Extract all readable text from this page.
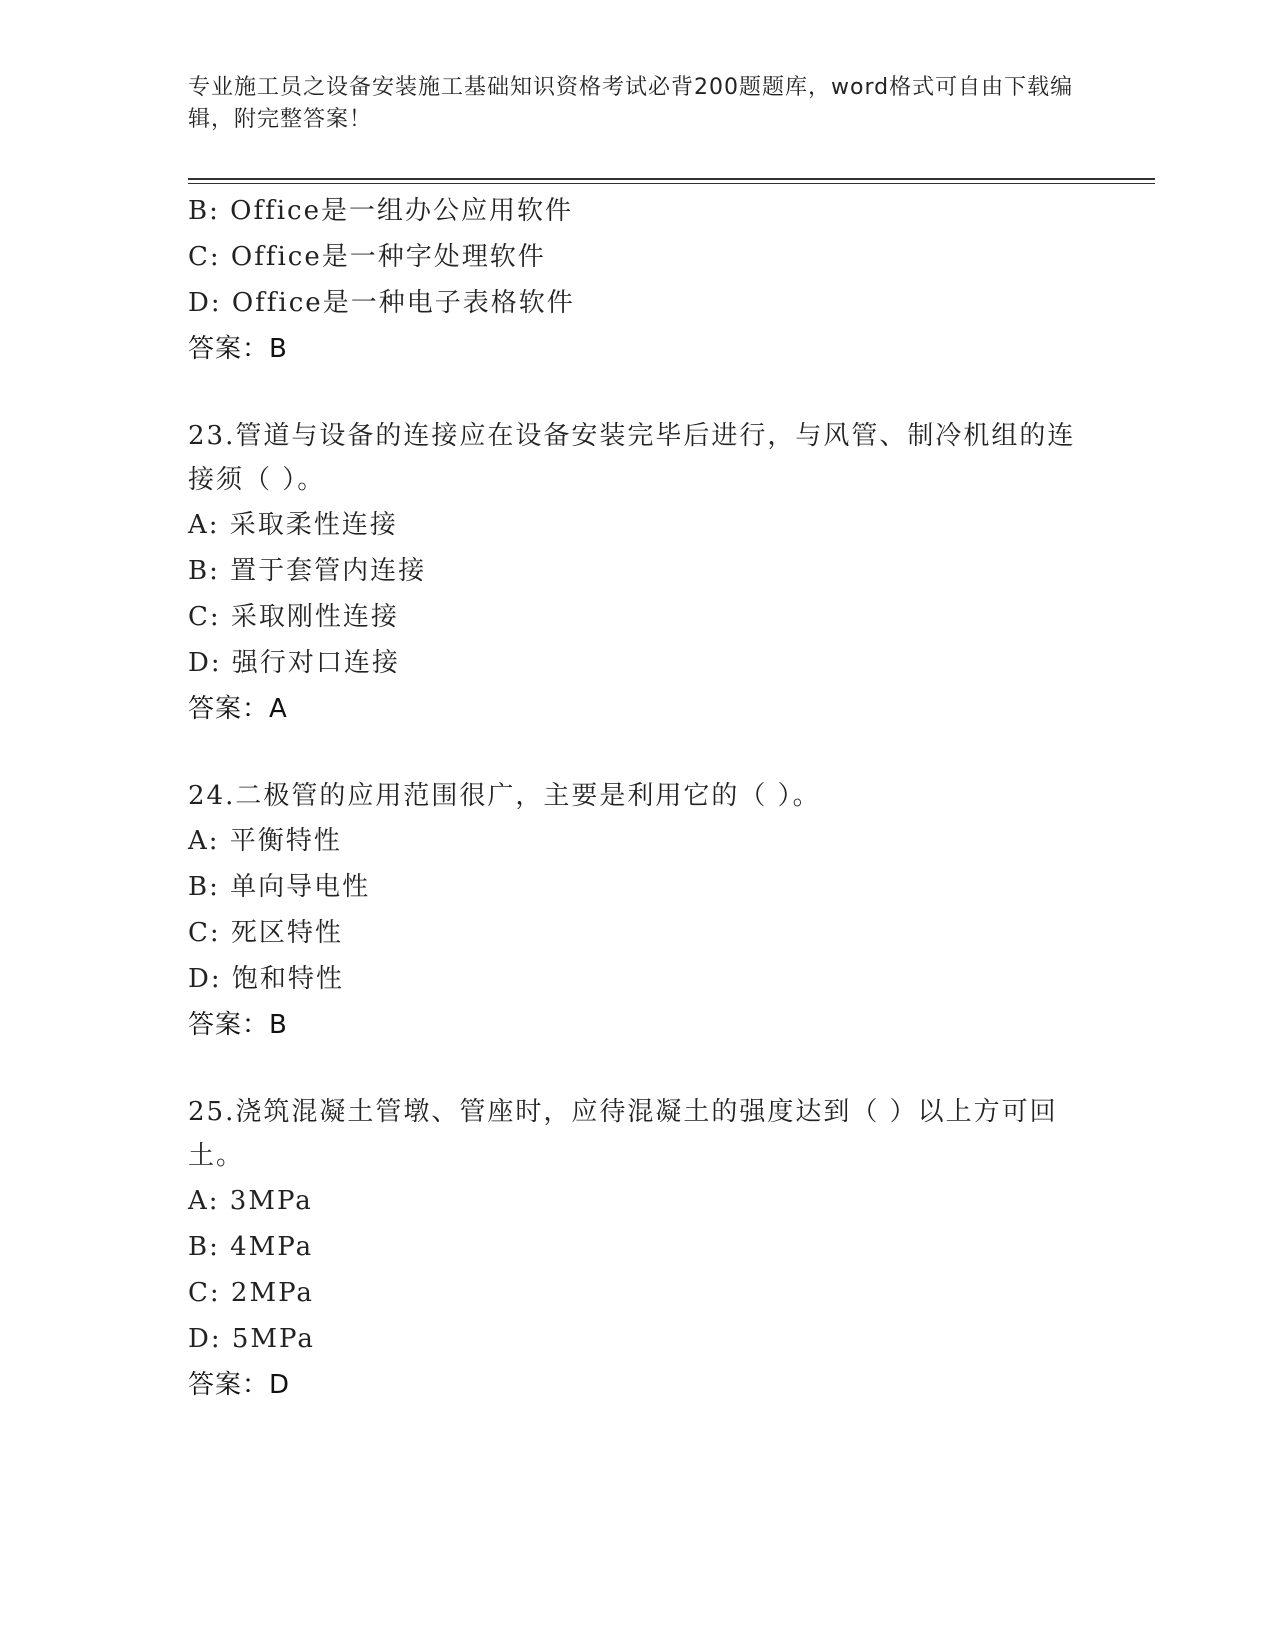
专业施工员之设备安装施工基础知识资格考试必背200题题库，word格式可自由下载编辑，附完整答案！
B: Office是一组办公应用软件
C: Office是一种字处理软件
D: Office是一种电子表格软件
答案：B
23.管道与设备的连接应在设备安装完毕后进行，与风管、制冷机组的连接须（ ）。
A: 采取柔性连接
B: 置于套管内连接
C: 采取刚性连接
D: 强行对口连接
答案：A
24.二极管的应用范围很广，主要是利用它的（ ）。
A: 平衡特性
B: 单向导电性
C: 死区特性
D: 饱和特性
答案：B
25.浇筑混凝土管墩、管座时，应待混凝土的强度达到（ ）以上方可回土。
A: 3MPa
B: 4MPa
C: 2MPa
D: 5MPa
答案：D
